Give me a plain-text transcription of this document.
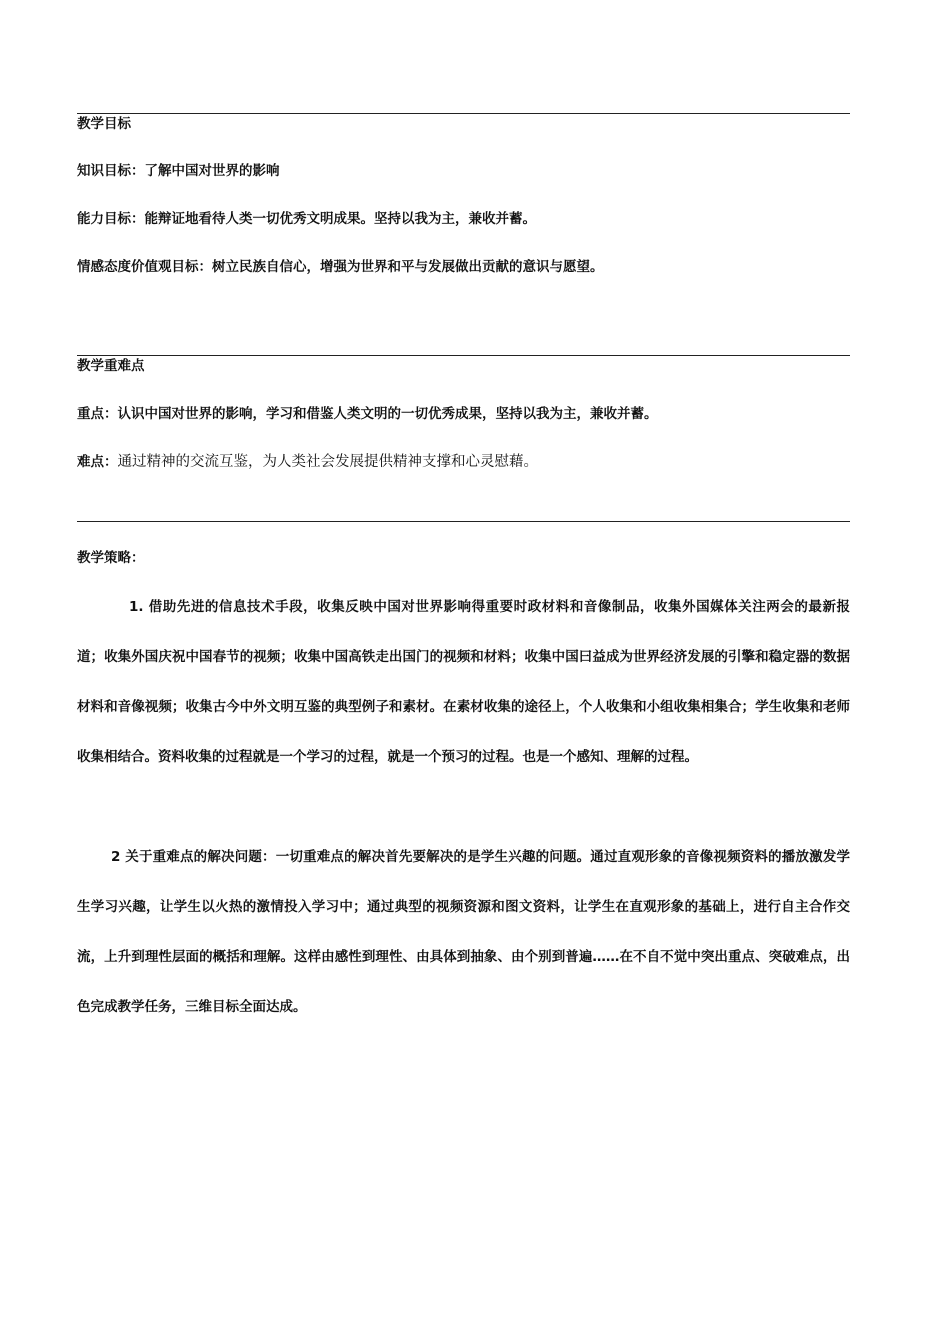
教学目标
知识目标：了解中国对世界的影响
能力目标：能辩证地看待人类一切优秀文明成果。坚持以我为主，兼收并蓄。
情感态度价值观目标：树立民族自信心，增强为世界和平与发展做出贡献的意识与愿望。
教学重难点
重点：认识中国对世界的影响，学习和借鉴人类文明的一切优秀成果，坚持以我为主，兼收并蓄。
难点：通过精神的交流互鉴，为人类社会发展提供精神支撑和心灵慰藉。
教学策略：
1. 借助先进的信息技术手段，收集反映中国对世界影响得重要时政材料和音像制品，收集外国媒体关注两会的最新报道；收集外国庆祝中国春节的视频；收集中国高铁走出国门的视频和材料；收集中国曰益成为世界经济发展的引擎和稳定器的数据材料和音像视频；收集古今中外文明互鉴的典型例子和素材。在素材收集的途径上，个人收集和小组收集相集合；学生收集和老师收集相结合。资料收集的过程就是一个学习的过程，就是一个预习的过程。也是一个感知、理解的过程。
2 关于重难点的解决问题：一切重难点的解决首先要解决的是学生兴趣的问题。通过直观形象的音像视频资料的播放激发学生学习兴趣，让学生以火热的激情投入学习中；通过典型的视频资源和图文资料，让学生在直观形象的基础上，进行自主合作交流，上升到理性层面的概括和理解。这样由感性到理性、由具体到抽象、由个别到普遍……在不自不觉中突出重点、突破难点，出色完成教学任务，三维目标全面达成。
